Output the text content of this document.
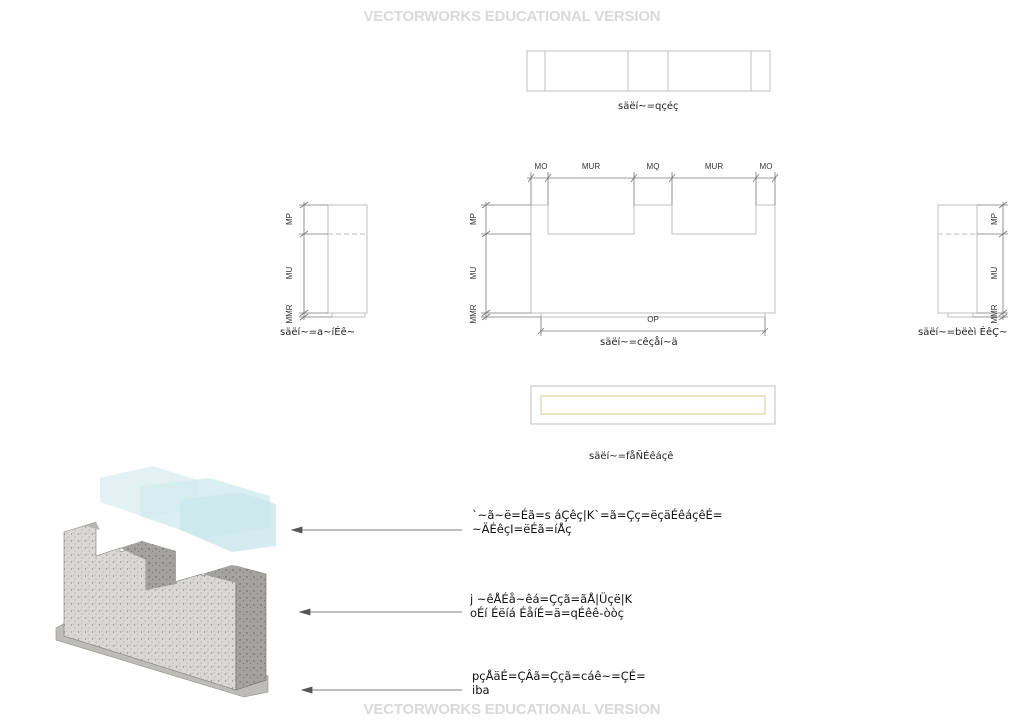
VECTORWORKS EDUCATIONAL VERSION
VECTORWORKS EDUCATIONAL VERSION
MO	MUR	MQ	MUR	MO
OP
MP
MU
MMR
MP
MU
MMR
MP
MU
MMR
säëí~=qçéç
säëí~=a~íÉê~
säëí~=cêçåí~ä
säëí~=bëèì ÉêÇ~
säëí~=fåÑÉêáçê
`~ã~ë=Éã=s áÇêç|K`=ã=Çç=ëçäÉêáçêÉ=
~ÄÉêçI=ëÉã=íÅç
j ~êÅÉå~êá=Ççã=ãÅ|Üçë|K
oÉí Éëíá ÉåíÉ=ä=qÉêê-òòç
pçÅäÉ=ÇÂã=Ççã=cáê~=ÇÉ=
iba
